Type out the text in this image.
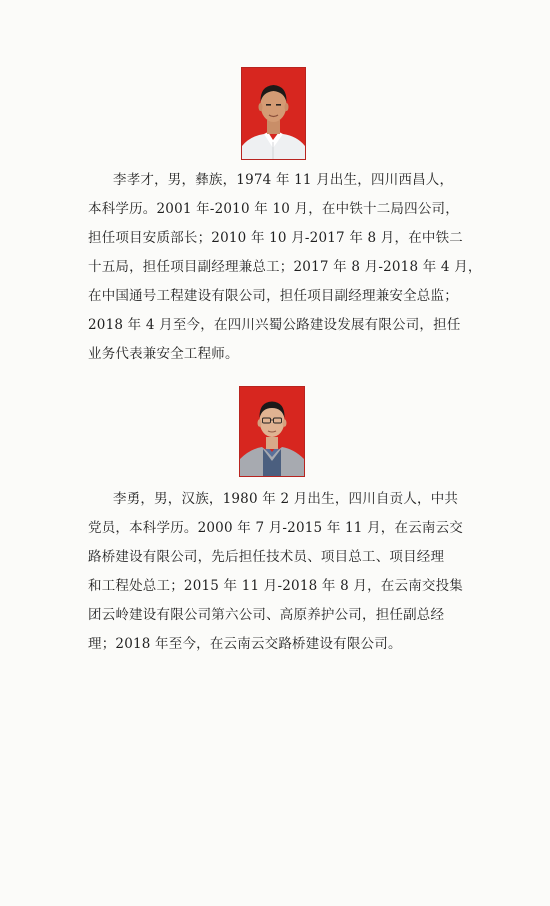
李孝才，男，彝族，1974 年 11 月出生，四川西昌人，
本科学历。2001 年-2010 年 10 月，在中铁十二局四公司，
担任项目安质部长；2010 年 10 月-2017 年 8 月，在中铁二
十五局，担任项目副经理兼总工；2017 年 8 月-2018 年 4 月，
在中国通号工程建设有限公司，担任项目副经理兼安全总监；
2018 年 4 月至今，在四川兴蜀公路建设发展有限公司，担任
业务代表兼安全工程师。
李勇，男，汉族，1980 年 2 月出生，四川自贡人，中共
党员，本科学历。2000 年 7 月-2015 年 11 月，在云南云交
路桥建设有限公司，先后担任技术员、项目总工、项目经理
和工程处总工；2015 年 11 月-2018 年 8 月，在云南交投集
团云岭建设有限公司第六公司、高原养护公司，担任副总经
理；2018 年至今，在云南云交路桥建设有限公司。
